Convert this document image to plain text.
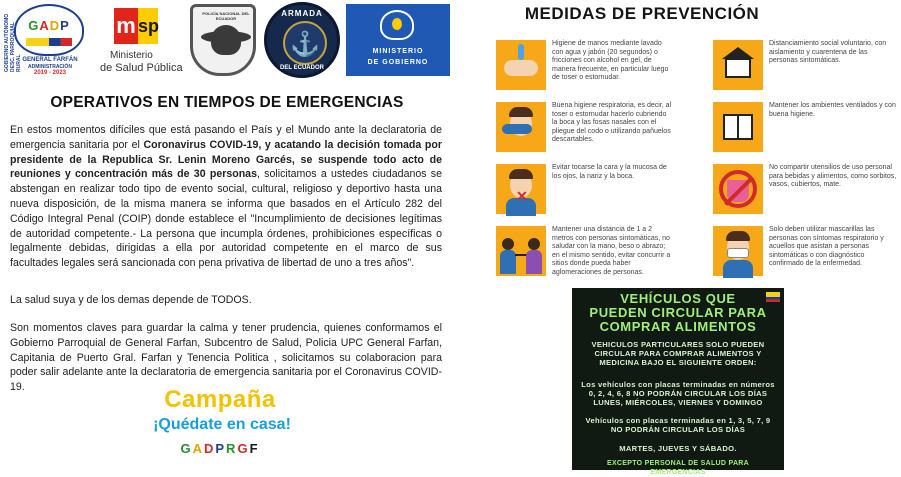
GOBIERNO AUTÓNOMO DESC. PARROQUIAL RURAL
GADP
GENERAL FARFÁN
ADMINISTRACIÓN
2019 - 2023
m sp
Ministerio
de Salud Pública
POLICÍA NACIONAL DEL ECUADOR
ARMADA
⚓
DEL ECUADOR
MINISTERIO
DE GOBIERNO
OPERATIVOS EN TIEMPOS DE EMERGENCIAS

En estos momentos difíciles que está pasando el País y el Mundo ante la declaratoria de emergencia sanitaria por el Coronavirus COVID-19, y acatando la decisión tomada por presidente de la Republica Sr. Lenin Moreno Garcés, se suspende todo acto de reuniones y concentración más de 30 personas, solicitamos a ustedes ciudadanos se abstengan en realizar todo tipo de evento social, cultural, religioso y deportivo hasta una nueva disposición, de la misma manera se informa que basados en el Artículo 282 del Código Integral Penal (COIP) donde establece el "Incumplimiento de decisiones legítimas de autoridad competente.- La persona que incumpla órdenes, prohibiciones específicas o legalmente debidas, dirigidas a ella por autoridad competente en el marco de sus facultades legales será sancionada con pena privativa de libertad de uno a tres años".

La salud suya y de los demas depende de TODOS.

Son momentos claves para guardar la calma y tener prudencia, quienes conformamos el Gobierno Parroquial de General Farfan, Subcentro de Salud, Policia UPC General Farfan, Capitania de Puerto Gral. Farfan y Tenencia Politica , solicitamos su colaboracion para poder salir adelante ante la declaratoria de emergencia sanitaria por el Coronavirus COVID-19.	Campaña
¡Quédate en casa!
GADPRGF
MEDIDAS DE PREVENCIÓN
Higiene de manos mediante lavado con agua y jabón (20 segundos) o fricciones con alcohol en gel, de manera frecuente, en particular luego de toser o estornudar.
Buena higiene respiratoria, es decir, al toser o estornudar hacerlo cubriendo la boca y las fosas nasales con el pliegue del codo o utilizando pañuelos descartables.
✕
Evitar tocarse la cara y la mucosa de los ojos, la nariz y la boca.
Mantener una distancia de 1 a 2 metros con personas sintomáticas, no saludar con la mano, beso o abrazo; en el mismo sentido, evitar concurrir a sitios donde pueda haber aglomeraciones de personas.
Distanciamiento social voluntario, con aislamiento y cuarentena de las personas sintomáticas.
Mantener los ambientes ventilados y con buena higiene.
No compartir utensilios de uso personal para bebidas y alimentos, como sorbitos, vasos, cubiertos, mate.
Solo deben utilizar mascarillas las personas con síntomas respiratorio y acuellos que asistan a personas sintomáticas o con diagnóstico confirmado de la enfermedad.
VEHÍCULOS QUE
PUEDEN CIRCULAR PARA
COMPRAR ALIMENTOS
VEHICULOS PARTICULARES SOLO PUEDEN CIRCULAR PARA COMPRAR ALIMENTOS Y MEDICINA BAJO EL SIGUIENTE ORDEN:
Los vehículos con placas terminadas en números 0, 2, 4, 6, 8 NO PODRÁN CIRCULAR LOS DÍAS LUNES, MIÉRCOLES, VIERNES Y DOMINGO
Vehículos con placas terminadas en 1, 3, 5, 7, 9 NO PODRÁN CIRCULAR LOS DÍAS
MARTES, JUEVES Y SÁBADO.
EXCEPTO PERSONAL DE SALUD PARA EMERGENCIAS
